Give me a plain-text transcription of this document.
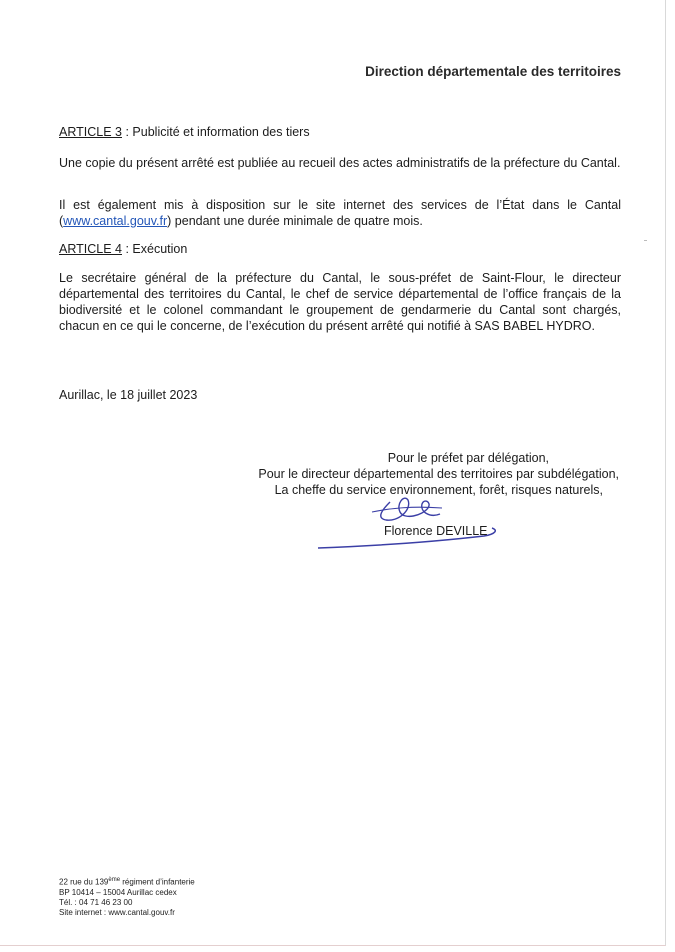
Direction départementale des territoires

ARTICLE 3 : Publicité et information des tiers

Une copie du présent arrêté est publiée au recueil des actes administratifs de la préfecture du Cantal.

Il est également mis à disposition sur le site internet des services de l’État dans le Cantal (www.cantal.gouv.fr) pendant une durée minimale de quatre mois.

ARTICLE 4 : Exécution

Le secrétaire général de la préfecture du Cantal, le sous-préfet de Saint-Flour, le directeur départemental des territoires du Cantal, le chef de service départemental de l’office français de la biodiversité et le colonel commandant le groupement de gendarmerie du Cantal sont chargés, chacun en ce qui le concerne, de l’exécution du présent arrêté qui notifié à SAS BABEL HYDRO.

Aurillac, le 18 juillet 2023

Pour le préfet par délégation,
Pour le directeur départemental des territoires par subdélégation,
La cheffe du service environnement, forêt, risques naturels,
Florence DEVILLE
22 rue du 139ème régiment d’infanterie
BP 10414 – 15004 Aurillac cedex
Tél. : 04 71 46 23 00
Site internet : www.cantal.gouv.fr
